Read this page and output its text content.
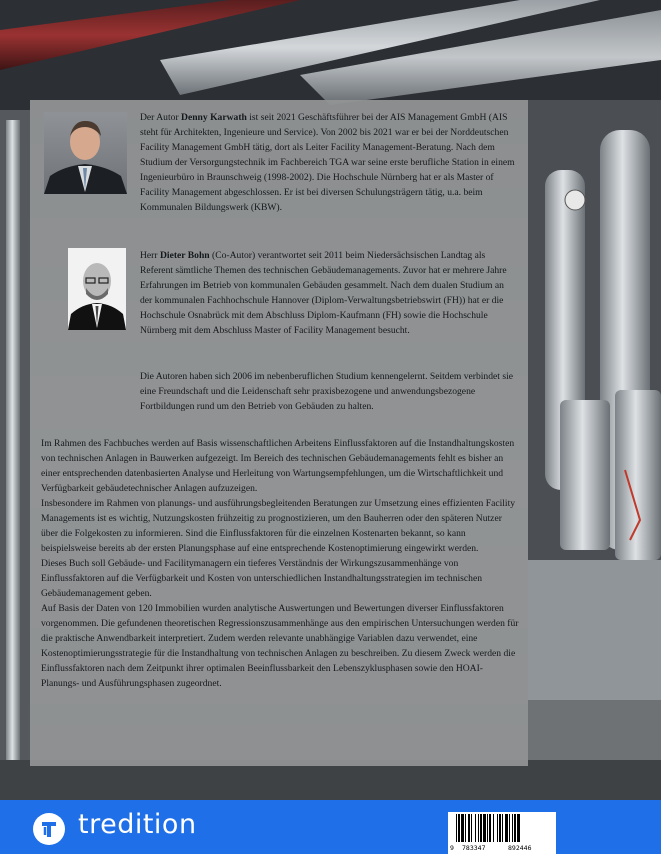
Der Autor Denny Karwath ist seit 2021 Geschäftsführer bei der AIS Management GmbH (AIS steht für Architekten, Ingenieure und Service). Von 2002 bis 2021 war er bei der Norddeutschen Facility Management GmbH tätig, dort als Leiter Facility Management-Beratung. Nach dem Studium der Versorgungstechnik im Fachbereich TGA war seine erste berufliche Station in einem Ingenieurbüro in Braunschweig (1998-2002). Die Hochschule Nürnberg hat er als Master of Facility Management abgeschlossen. Er ist bei diversen Schulungsträgern tätig, u.a. beim Kommunalen Bildungswerk (KBW).

Herr Dieter Bohn (Co-Autor) verantwortet seit 2011 beim Niedersächsischen Landtag als Referent sämtliche Themen des technischen Gebäudemanagements. Zuvor hat er mehrere Jahre Erfahrungen im Betrieb von kommunalen Gebäuden gesammelt. Nach dem dualen Studium an der kommunalen Fachhochschule Hannover (Diplom-Verwaltungsbetriebswirt (FH)) hat er die Hochschule Osnabrück mit dem Abschluss Diplom-Kaufmann (FH) sowie die Hochschule Nürnberg mit dem Abschluss Master of Facility Management besucht.

Die Autoren haben sich 2006 im nebenberuflichen Studium kennengelernt. Seitdem verbindet sie eine Freundschaft und die Leidenschaft sehr praxisbezogene und anwendungsbezogene Fortbildungen rund um den Betrieb von Gebäuden zu halten.

Im Rahmen des Fachbuches werden auf Basis wissenschaftlichen Arbeitens Einflussfaktoren auf die Instandhaltungskosten von technischen Anlagen in Bauwerken aufgezeigt. Im Bereich des technischen Gebäudemanagements fehlt es bisher an einer entsprechenden datenbasierten Analyse und Herleitung von Wartungsempfehlungen, um die Wirtschaftlichkeit und Verfügbarkeit gebäudetechnischer Anlagen aufzuzeigen.

Insbesondere im Rahmen von planungs- und ausführungsbegleitenden Beratungen zur Umsetzung eines effizienten Facility Managements ist es wichtig, Nutzungskosten frühzeitig zu prognostizieren, um den Bauherren oder den späteren Nutzer über die Folgekosten zu informieren. Sind die Einflussfaktoren für die einzelnen Kostenarten bekannt, so kann beispielsweise bereits ab der ersten Planungsphase auf eine entsprechende Kostenoptimierung eingewirkt werden.

Dieses Buch soll Gebäude- und Facilitymanagern ein tieferes Verständnis der Wirkungszusammenhänge von Einflussfaktoren auf die Verfügbarkeit und Kosten von unterschiedlichen Instandhaltungsstrategien im technischen Gebäudemanagement geben.

Auf Basis der Daten von 120 Immobilien wurden analytische Auswertungen und Bewertungen diverser Einflussfaktoren vorgenommen. Die gefundenen theoretischen Regressionszusammenhänge aus den empirischen Untersuchungen werden für die praktische Anwendbarkeit interpretiert. Zudem werden relevante unabhängige Variablen dazu verwendet, eine Kostenoptimierungsstrategie für die Instandhaltung von technischen Anlagen zu beschreiben. Zu diesem Zweck werden die Einflussfaktoren nach dem Zeitpunkt ihrer optimalen Beeinflussbarkeit den Lebenszyklusphasen sowie den HOAI-Planungs- und Ausführungsphasen zugeordnet.

tredition
9 783347	892446
